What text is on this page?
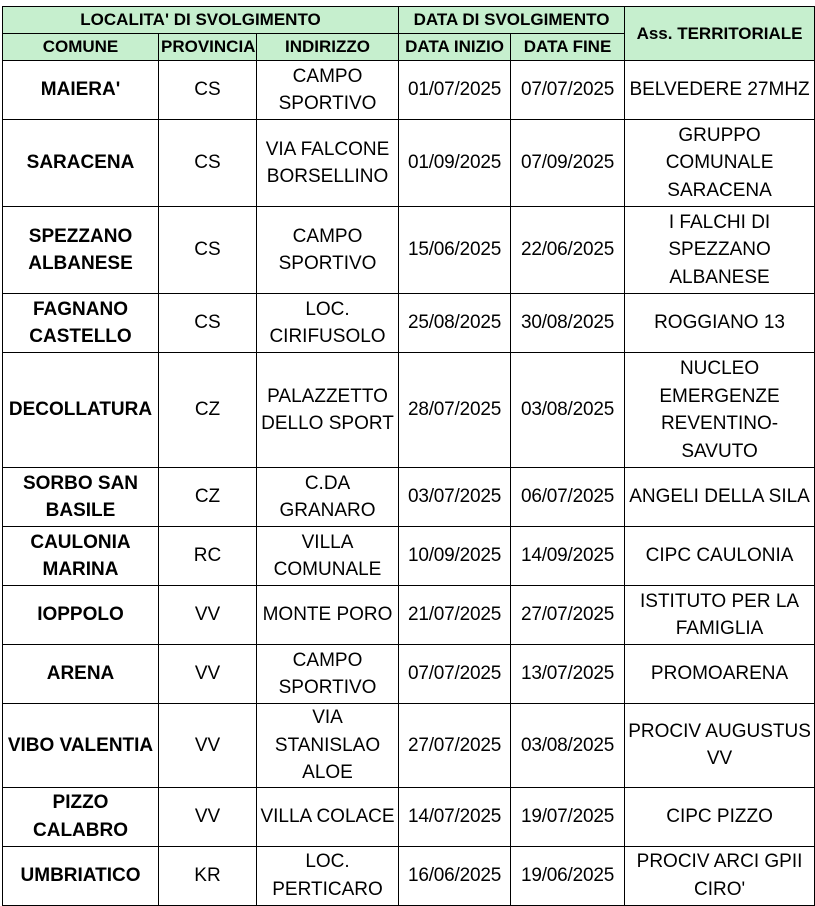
LOCALITA' DI SVOLGIMENTO			DATA DI SVOLGIMENTO		Ass. TERRITORIALE
COMUNE	PROVINCIA	INDIRIZZO	DATA INIZIO	DATA FINE	
MAIERA'	CS	CAMPO SPORTIVO	01/07/2025	07/07/2025	BELVEDERE 27MHZ
SARACENA	CS	VIA FALCONE BORSELLINO	01/09/2025	07/09/2025	GRUPPO COMUNALE SARACENA
SPEZZANO ALBANESE	CS	CAMPO SPORTIVO	15/06/2025	22/06/2025	I FALCHI DI SPEZZANO ALBANESE
FAGNANO CASTELLO	CS	LOC. CIRIFUSOLO	25/08/2025	30/08/2025	ROGGIANO 13
DECOLLATURA	CZ	PALAZZETTO DELLO SPORT	28/07/2025	03/08/2025	NUCLEO EMERGENZE REVENTINO-SAVUTO
SORBO SAN BASILE	CZ	C.DA GRANARO	03/07/2025	06/07/2025	ANGELI DELLA SILA
CAULONIA MARINA	RC	VILLA COMUNALE	10/09/2025	14/09/2025	CIPC CAULONIA
IOPPOLO	VV	MONTE PORO	21/07/2025	27/07/2025	ISTITUTO PER LA FAMIGLIA
ARENA	VV	CAMPO SPORTIVO	07/07/2025	13/07/2025	PROMOARENA
VIBO VALENTIA	VV	VIA STANISLAO ALOE	27/07/2025	03/08/2025	PROCIV AUGUSTUS VV
PIZZO CALABRO	VV	VILLA COLACE	14/07/2025	19/07/2025	CIPC PIZZO
UMBRIATICO	KR	LOC. PERTICARO	16/06/2025	19/06/2025	PROCIV ARCI GPII CIRO'
